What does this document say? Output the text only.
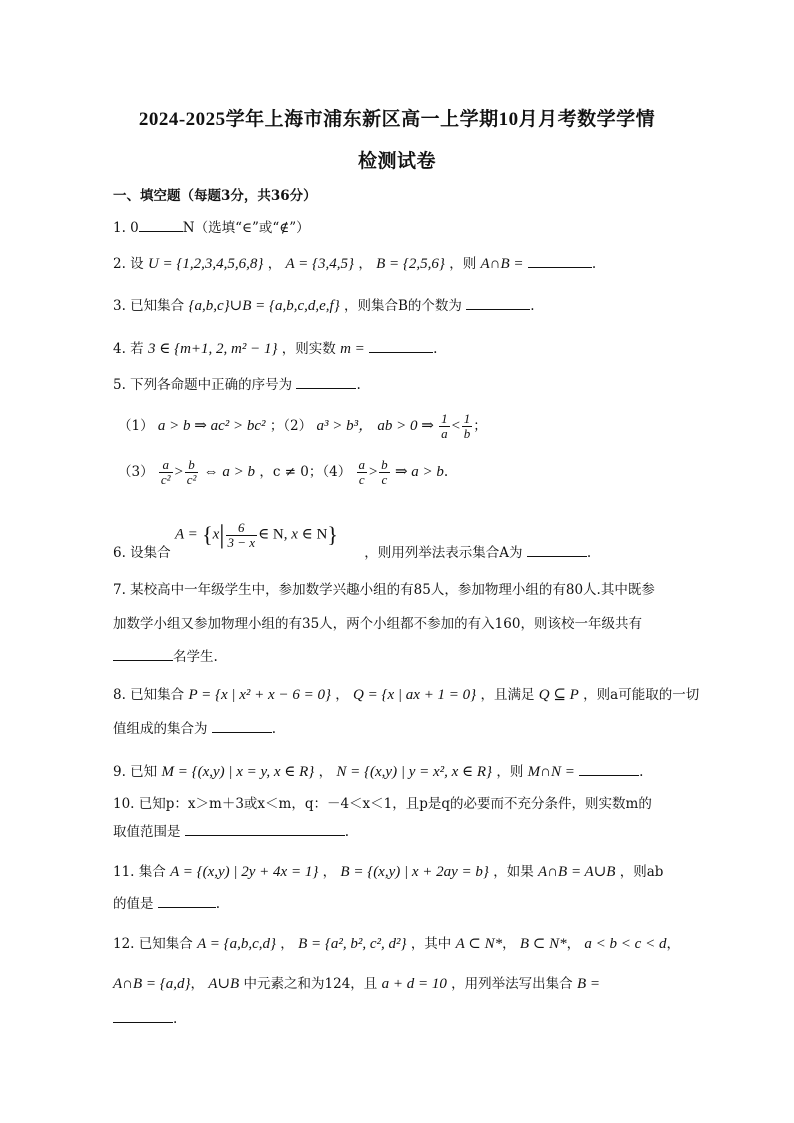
2024-2025学年上海市浦东新区高一上学期10月月考数学学情
检测试卷
一、填空题（每题3分，共36分）
1. 0	N（选填“∈”或“∉”）
2. 设 U = {1,2,3,4,5,6,8} ， A = {3,4,5} ， B = {2,5,6} ，则 A∩B =	.
3. 已知集合 {a,b,c}∪B = {a,b,c,d,e,f} ，则集合B的个数为	.
4. 若 3 ∈ {m+1, 2, m² − 1} ，则实数 m =	.
5. 下列各命题中正确的序号为	.
（1） a > b ⇒ ac² > bc² ；（2） a³ > b³， ab > 0 ⇒ $\frac{1}{a} < \frac{1}{b}$ ；
$(3) \frac{a}{\text{c²}} > \frac{b}{\text{c²}}$ ⇔ a > b ，c ≠ 0；$(4) \frac{a}{c} > \frac{b}{c}$ ⇒ a > b.
$A = \{x| \frac{6}{3 - x}$ ∈ N, x ∈ N}
6. 设集合	，则用列举法表示集合A为	.
7. 某校高中一年级学生中，参加数学兴趣小组的有85人，参加物理小组的有80人.其中既参
加数学小组又参加物理小组的有35人，两个小组都不参加的有入160，则该校一年级共有
名学生.
8. 已知集合 P = {x | x² + x − 6 = 0} ， Q = {x | ax + 1 = 0} ，且满足 Q ⊆ P ，则a可能取的一切
值组成的集合为	.
9. 已知 M = {(x,y) | x = y, x ∈ R} ， N = {(x,y) | y = x², x ∈ R} ，则 M∩N =	.
10. 已知p：x＞m＋3或x＜m，q：－4＜x＜1，且p是q的必要而不充分条件，则实数m的
取值范围是	.
11. 集合 A = {(x,y) | 2y + 4x = 1} ， B = {(x,y) | x + 2ay = b} ，如果 A∩B = A∪B ，则ab
的值是	.
12. 已知集合 A = {a,b,c,d} ， B = {a², b², c², d²} ，其中 A ⊂ N*， B ⊂ N*， a < b < c < d，
A∩B = {a,d}， A∪B 中元素之和为124，且 a + d = 10 ，用列举法写出集合 B =
.
